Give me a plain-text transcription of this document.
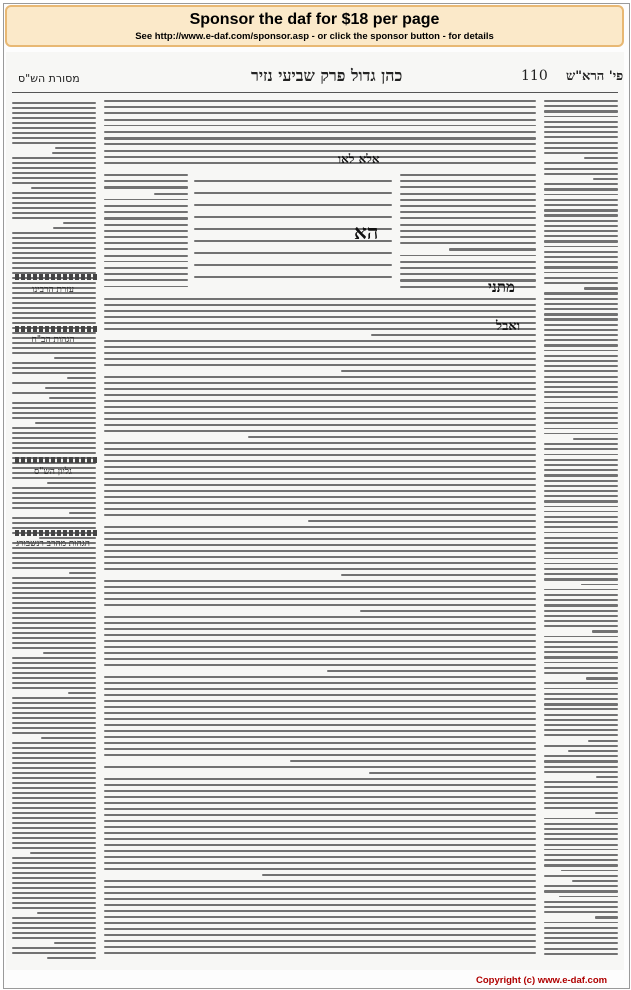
Sponsor the daf for $18 per page
See http://www.e-daf.com/sponsor.asp - or click the sponsor button - for details
מסורת הש"ס	כהן גדול פרק שביעי נזיר	110 פי' הרא"ש
הא
מתני
ואבל
אלא לאו
עזרת הרבינו
הגהות הב"ח
גליון הש"ס
הגהות מהרב רנשבורג
Copyright (c) www.e-daf.com
